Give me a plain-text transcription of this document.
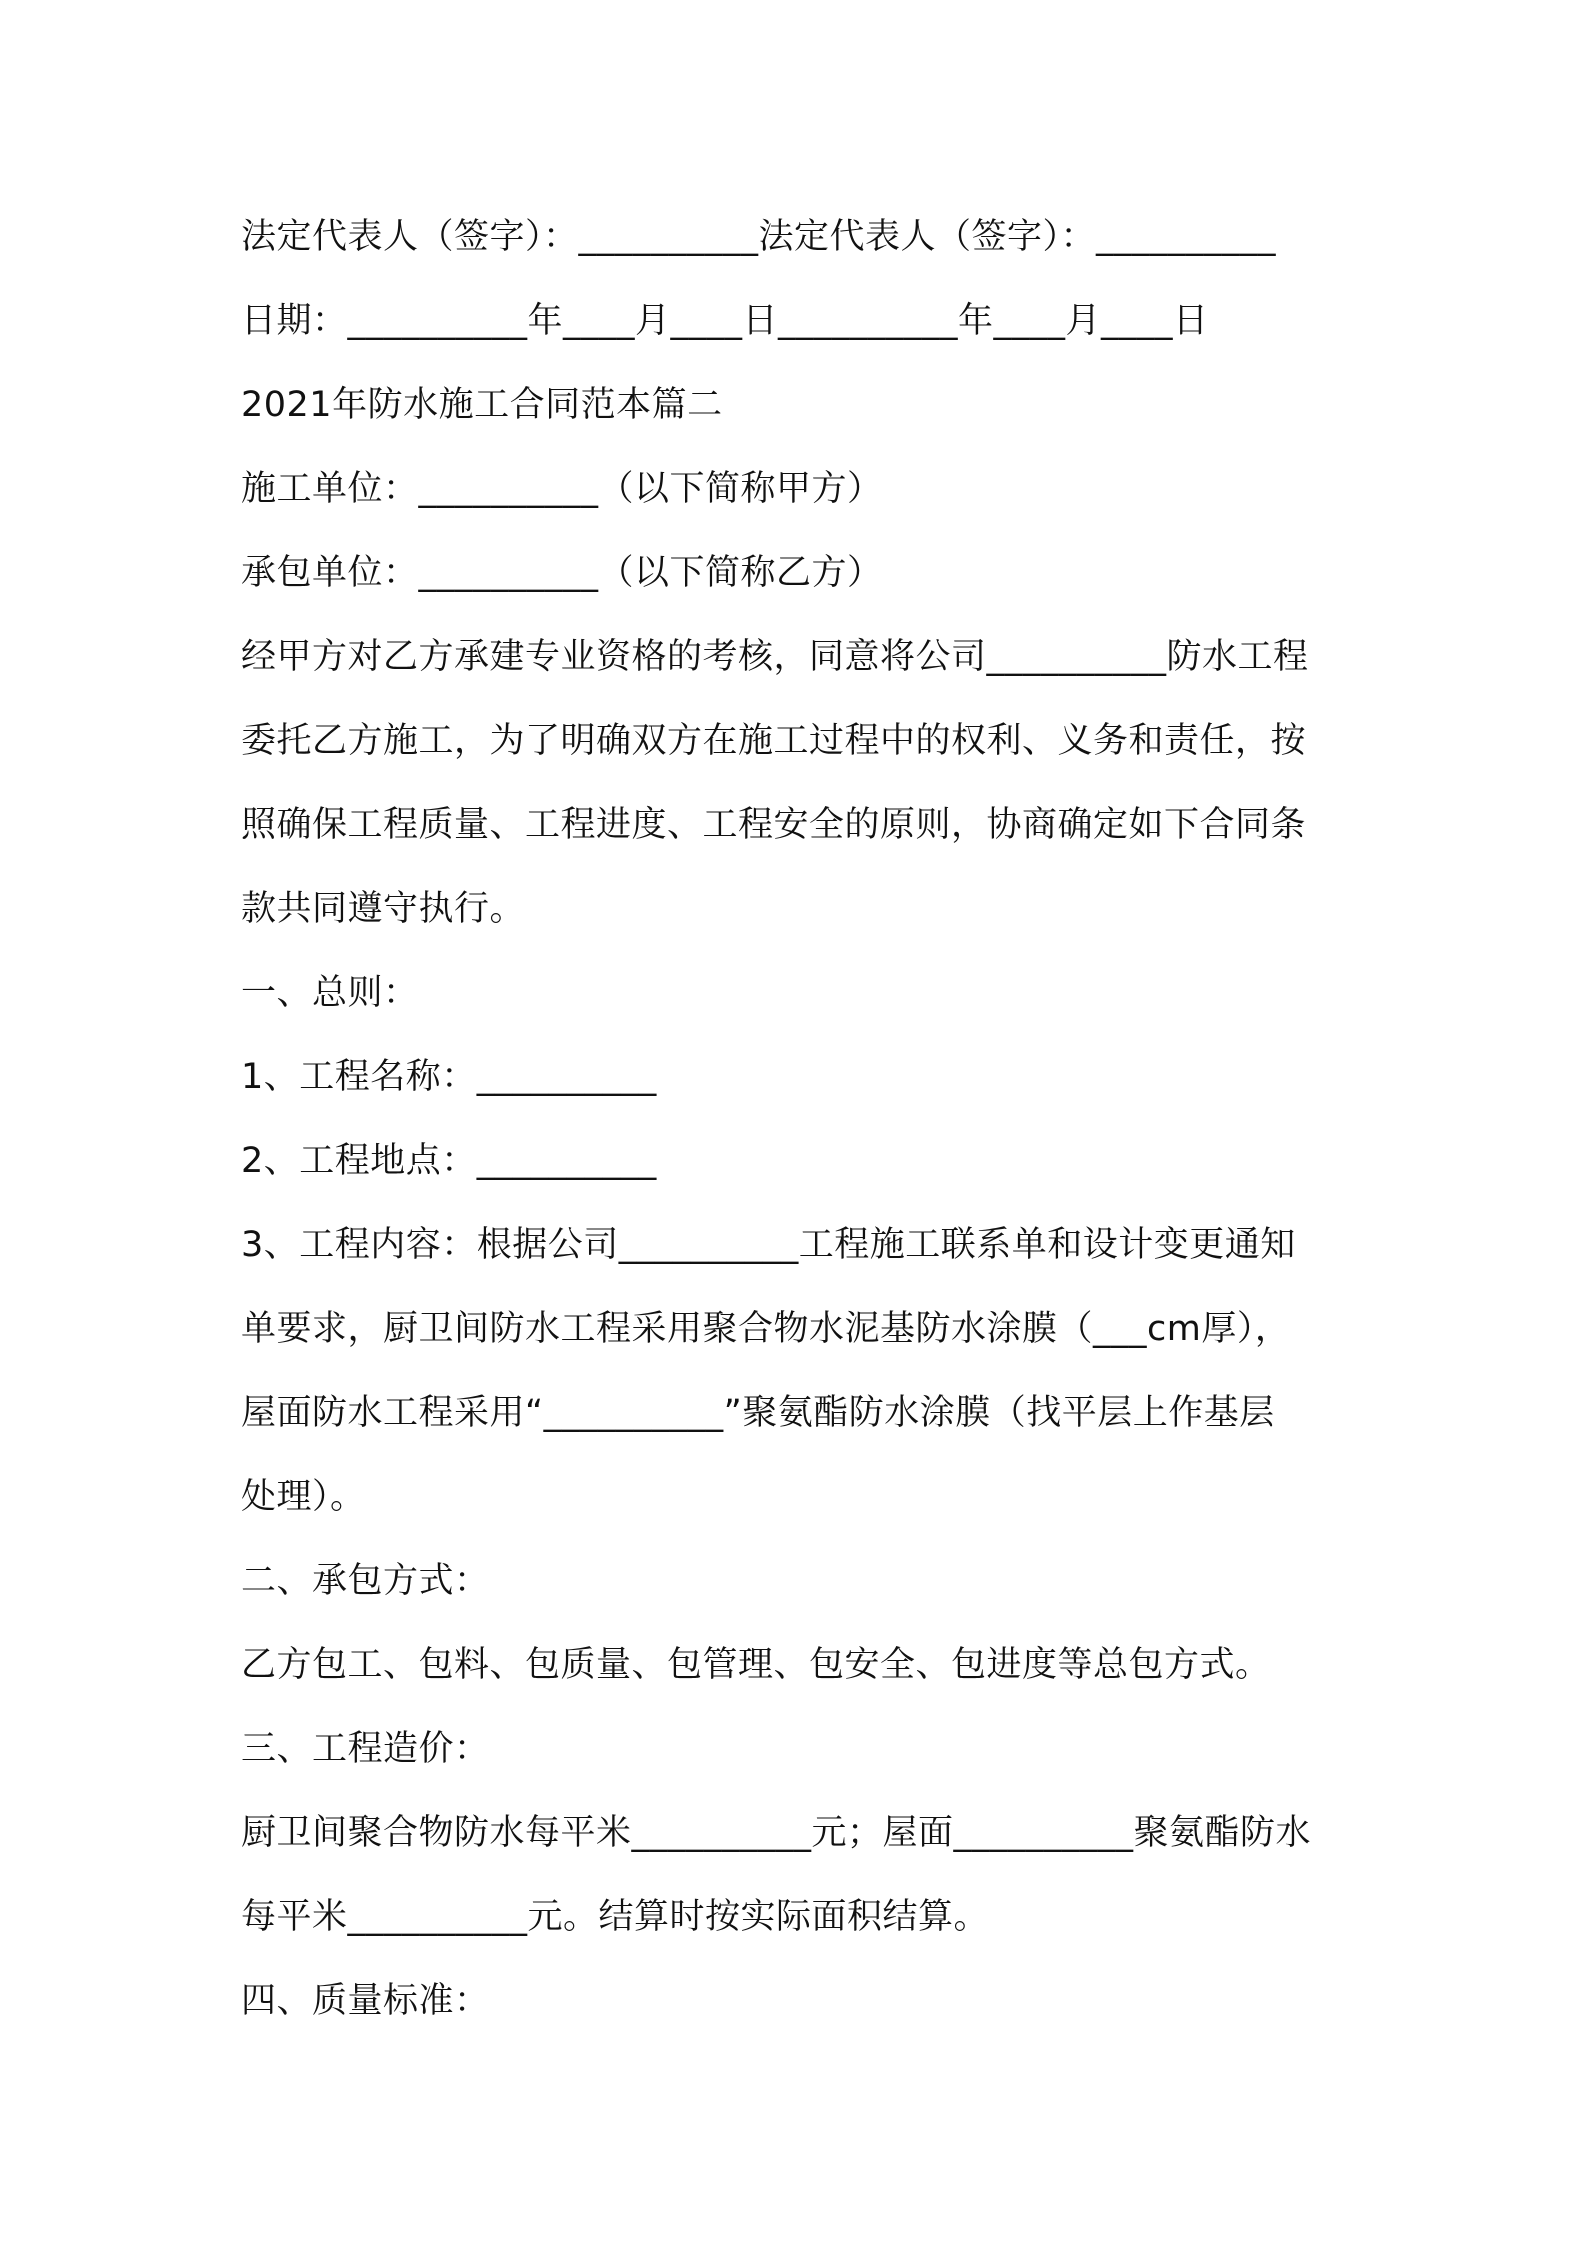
法定代表人（签字）：__________法定代表人（签字）：__________
日期：__________年____月____日__________年____月____日
2021年防水施工合同范本篇二
施工单位：__________（以下简称甲方）
承包单位：__________（以下简称乙方）
经甲方对乙方承建专业资格的考核，同意将公司__________防水工程
委托乙方施工，为了明确双方在施工过程中的权利、义务和责任，按
照确保工程质量、工程进度、工程安全的原则，协商确定如下合同条
款共同遵守执行。
一、总则：
1、工程名称：__________
2、工程地点：__________
3、工程内容：根据公司__________工程施工联系单和设计变更通知
单要求，厨卫间防水工程采用聚合物水泥基防水涂膜（___cm厚），
屋面防水工程采用“__________”聚氨酯防水涂膜（找平层上作基层
处理）。
二、承包方式：
乙方包工、包料、包质量、包管理、包安全、包进度等总包方式。
三、工程造价：
厨卫间聚合物防水每平米__________元；屋面__________聚氨酯防水
每平米__________元。结算时按实际面积结算。
四、质量标准：
